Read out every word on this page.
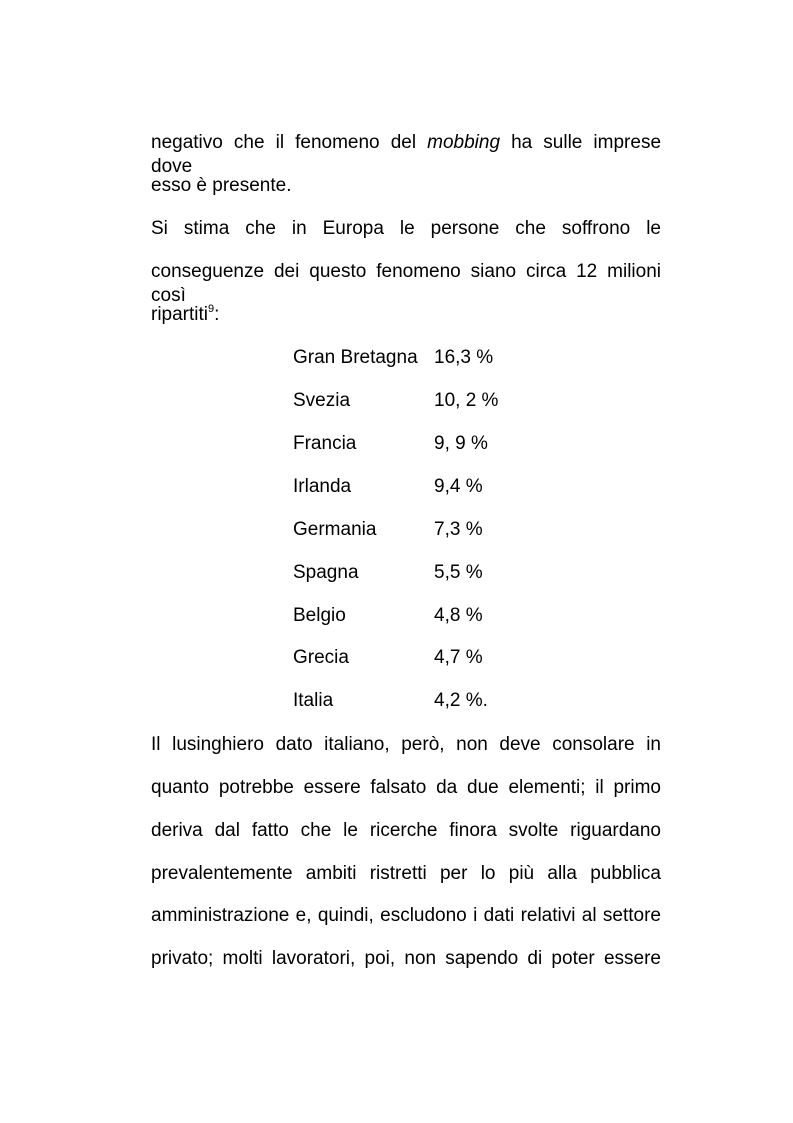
negativo che il fenomeno del mobbing ha sulle imprese dove
esso è presente.
Si stima che in Europa le persone che soffrono le
conseguenze dei questo fenomeno siano circa 12 milioni così
ripartiti$^9$:
Gran Bretagna 16,3 %
Svezia	10, 2 %
Francia	9, 9 %
Irlanda	9,4 %
Germania	7,3 %
Spagna	5,5 %
Belgio	4,8 %
Grecia	4,7 %
Italia	4,2 %.
Il lusinghiero dato italiano, però, non deve consolare in
quanto potrebbe essere falsato da due elementi; il primo
deriva dal fatto che le ricerche finora svolte riguardano
prevalentemente ambiti ristretti per lo più alla pubblica
amministrazione e, quindi, escludono i dati relativi al settore
privato; molti lavoratori, poi, non sapendo di poter essere
